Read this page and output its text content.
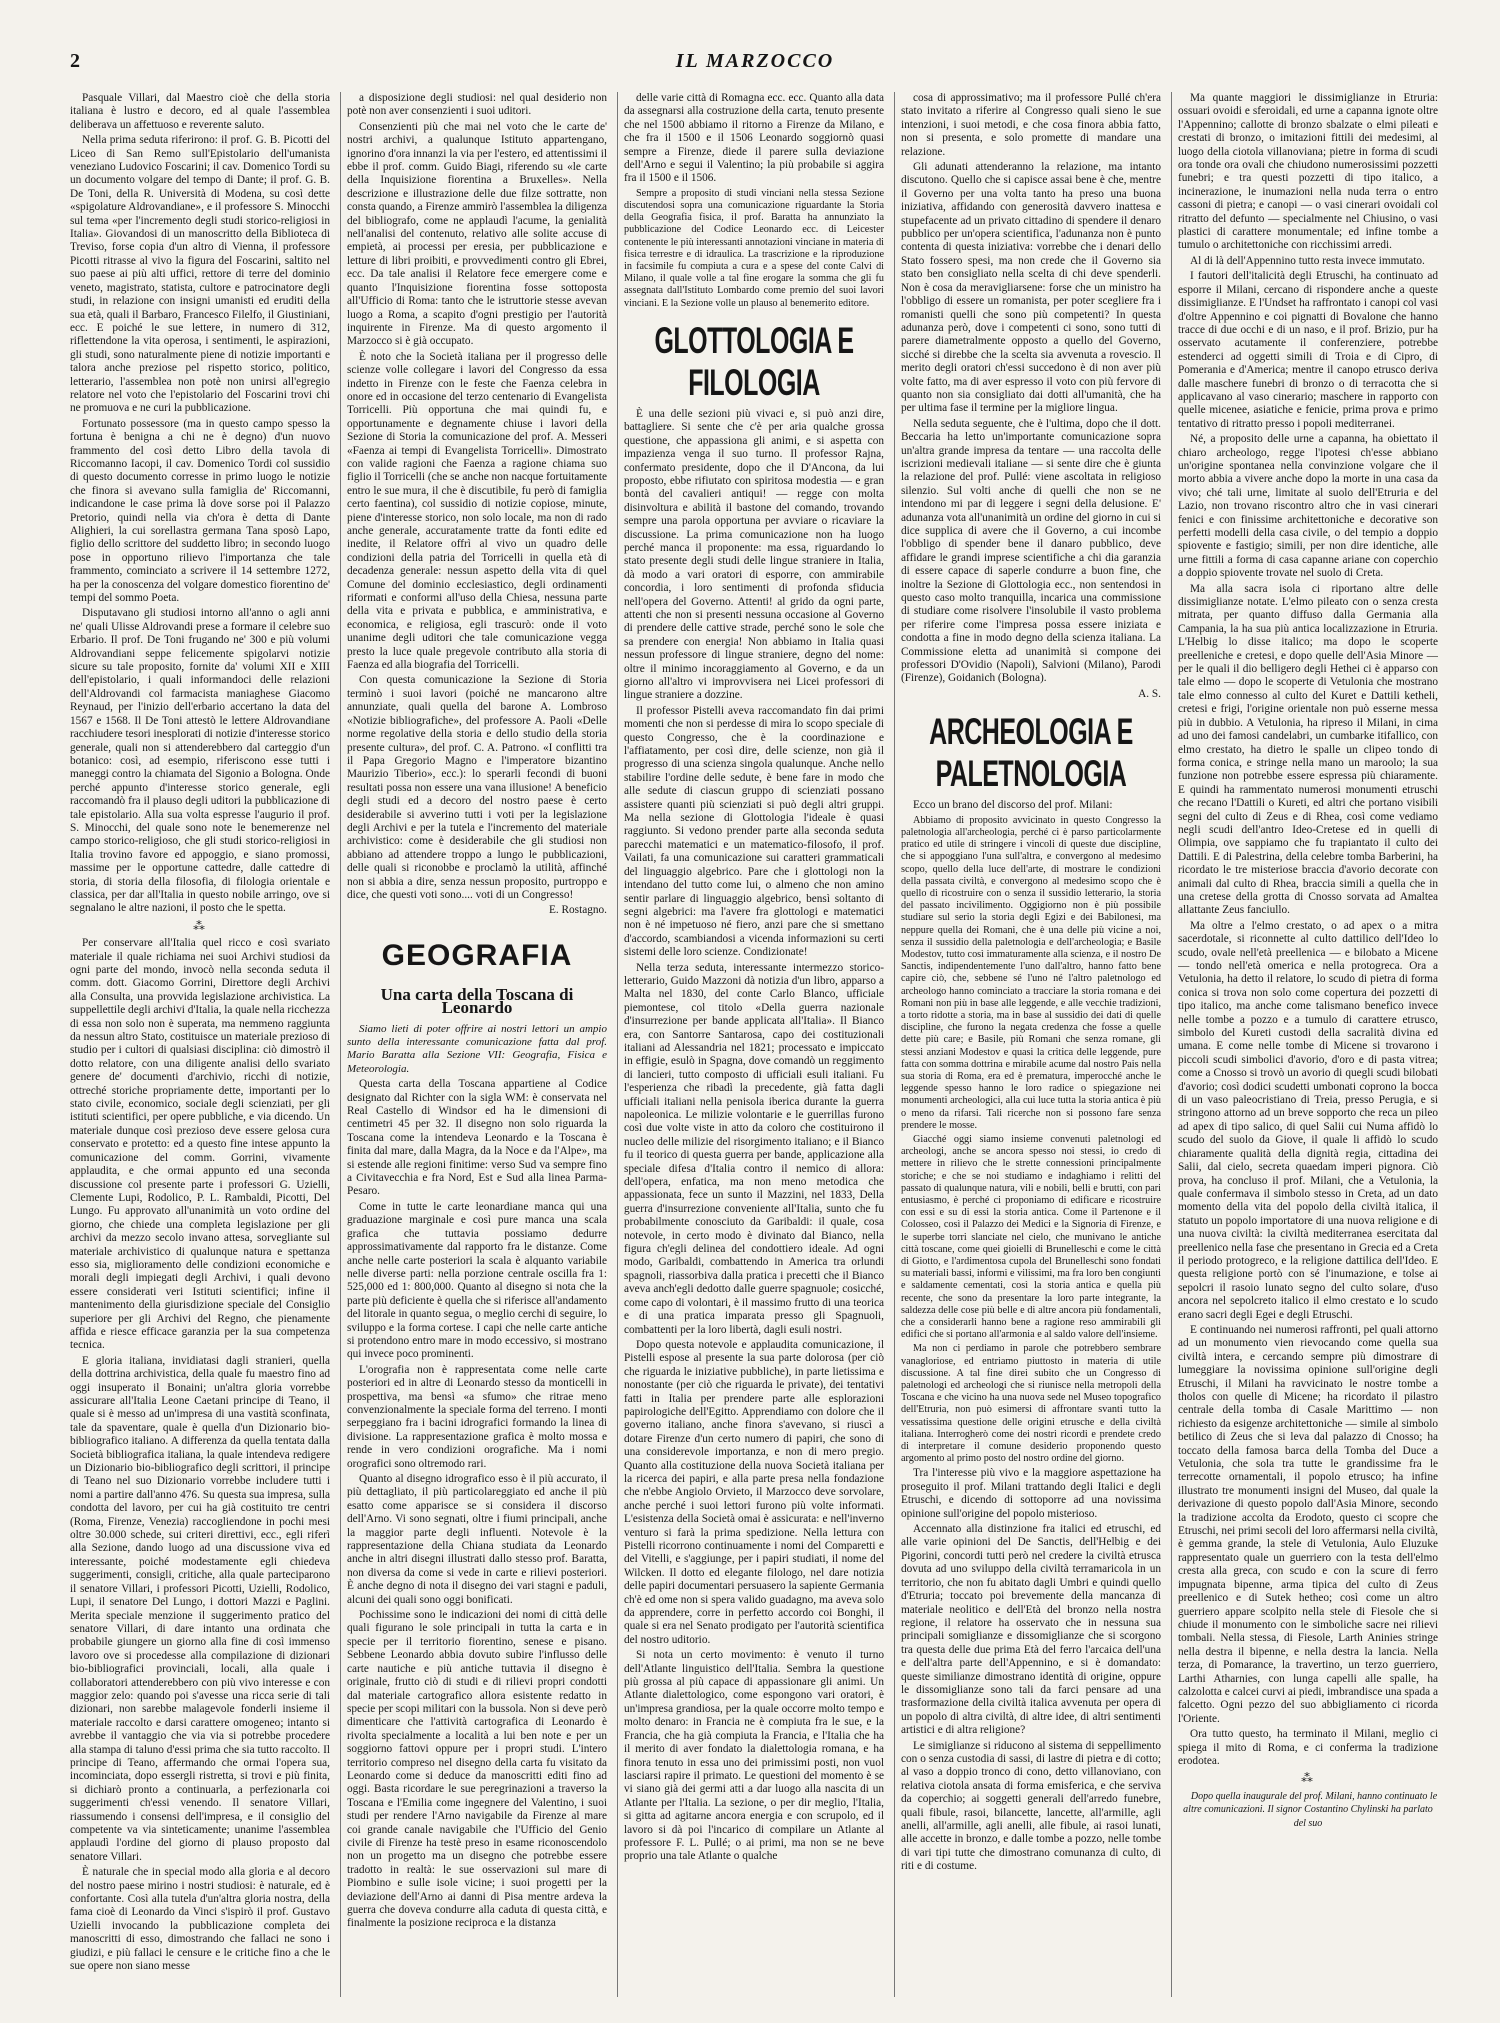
2	IL MARZOCCO

Pasquale Villari, dal Maestro cioè che della storia italiana è lustro e decoro, ed al quale l'assemblea deliberava un affettuoso e reverente saluto.

Nella prima seduta riferirono: il prof. G. B. Picotti del Liceo di San Remo sull'Epistolario dell'umanista veneziano Ludovico Foscarini; il cav. Domenico Tordi su un documento volgare del tempo di Dante; il prof. G. B. De Toni, della R. Università di Modena, su così dette «spigolature Aldrovandiane», e il professore S. Minocchi sul tema «per l'incremento degli studi storico-religiosi in Italia». Giovandosi di un manoscritto della Biblioteca di Treviso, forse copia d'un altro di Vienna, il professore Picotti ritrasse al vivo la figura del Foscarini, saltito nel suo paese ai più alti uffici, rettore di terre del dominio veneto, magistrato, statista, cultore e patrocinatore degli studi, in relazione con insigni umanisti ed eruditi della sua età, quali il Barbaro, Francesco Filelfo, il Giustiniani, ecc. E poiché le sue lettere, in numero di 312, riflettendone la vita operosa, i sentimenti, le aspirazioni, gli studi, sono naturalmente piene di notizie importanti e talora anche preziose pel rispetto storico, politico, letterario, l'assemblea non potè non unirsi all'egregio relatore nel voto che l'epistolario del Foscarini trovi chi ne promuova e ne curi la pubblicazione.

Fortunato possessore (ma in questo campo spesso la fortuna è benigna a chi ne è degno) d'un nuovo frammento del così detto Libro della tavola di Riccomanno Iacopi, il cav. Domenico Tordi col sussidio di questo documento corresse in primo luogo le notizie che finora si avevano sulla famiglia de' Riccomanni, indicandone le case prima là dove sorse poi il Palazzo Pretorio, quindi nella via ch'ora è detta di Dante Alighieri, la cui sorellastra germana Tana sposò Lapo, figlio dello scrittore del suddetto libro; in secondo luogo pose in opportuno rilievo l'importanza che tale frammento, cominciato a scrivere il 14 settembre 1272, ha per la conoscenza del volgare domestico fiorentino de' tempi del sommo Poeta.

Disputavano gli studiosi intorno all'anno o agli anni ne' quali Ulisse Aldrovandi prese a formare il celebre suo Erbario. Il prof. De Toni frugando ne' 300 e più volumi Aldrovandiani seppe felicemente spigolarvi notizie sicure su tale proposito, fornite da' volumi XII e XIII dell'epistolario, i quali informandoci delle relazioni dell'Aldrovandi col farmacista maniaghese Giacomo Reynaud, per l'inizio dell'erbario accertano la data del 1567 e 1568. Il De Toni attestò le lettere Aldrovandiane racchiudere tesori inesplorati di notizie d'interesse storico generale, quali non si attenderebbero dal carteggio d'un botanico: così, ad esempio, riferiscono esse tutti i maneggi contro la chiamata del Sigonio a Bologna. Onde perché appunto d'interesse storico generale, egli raccomandò fra il plauso degli uditori la pubblicazione di tale epistolario. Alla sua volta espresse l'augurio il prof. S. Minocchi, del quale sono note le benemerenze nel campo storico-religioso, che gli studi storico-religiosi in Italia trovino favore ed appoggio, e siano promossi, massime per le opportune cattedre, dalle cattedre di storia, di storia della filosofia, di filologia orientale e classica, per dar all'Italia in questo nobile arringo, ove si segnalano le altre nazioni, il posto che le spetta.

⁂

Per conservare all'Italia quel ricco e così svariato materiale il quale richiama nei suoi Archivi studiosi da ogni parte del mondo, invocò nella seconda seduta il comm. dott. Giacomo Gorrini, Direttore degli Archivi alla Consulta, una provvida legislazione archivistica. La suppellettile degli archivi d'Italia, la quale nella ricchezza di essa non solo non è superata, ma nemmeno raggiunta da nessun altro Stato, costituisce un materiale prezioso di studio per i cultori di qualsiasi disciplina: ciò dimostrò il dotto relatore, con una diligente analisi dello svariato genere de' documenti d'archivio, ricchi di notizie, ottreché storiche propriamente dette, importanti per lo stato civile, economico, sociale degli scienziati, per gli istituti scientifici, per opere pubbliche, e via dicendo. Un materiale dunque così prezioso deve essere gelosa cura conservato e protetto: ed a questo fine intese appunto la comunicazione del comm. Gorrini, vivamente applaudita, e che ormai appunto ed una seconda discussione col presente parte i professori G. Uzielli, Clemente Lupi, Rodolico, P. L. Rambaldi, Picotti, Del Lungo. Fu approvato all'unanimità un voto ordine del giorno, che chiede una completa legislazione per gli archivi da mezzo secolo invano attesa, sorvegliante sul materiale archivistico di qualunque natura e spettanza esso sia, miglioramento delle condizioni economiche e morali degli impiegati degli Archivi, i quali devono essere considerati veri Istituti scientifici; infine il mantenimento della giurisdizione speciale del Consiglio superiore per gli Archivi del Regno, che pienamente affida e riesce efficace garanzia per la sua competenza tecnica.

E gloria italiana, invidiatasi dagli stranieri, quella della dottrina archivistica, della quale fu maestro fino ad oggi insuperato il Bonaini; un'altra gloria vorrebbe assicurare all'Italia Leone Caetani principe di Teano, il quale si è messo ad un'impresa di una vastità sconfinata, tale da spaventare, quale è quella d'un Dizionario bio-bibliografico italiano. A differenza da quella tentata dalla Società bibliografica italiana, la quale intendeva redigere un Dizionario bio-bibliografico degli scrittori, il principe di Teano nel suo Dizionario vorrebbe includere tutti i nomi a partire dall'anno 476. Su questa sua impresa, sulla condotta del lavoro, per cui ha già costituito tre centri (Roma, Firenze, Venezia) raccogliendone in pochi mesi oltre 30.000 schede, sui criteri direttivi, ecc., egli riferì alla Sezione, dando luogo ad una discussione viva ed interessante, poiché modestamente egli chiedeva suggerimenti, consigli, critiche, alla quale parteciparono il senatore Villari, i professori Picotti, Uzielli, Rodolico, Lupi, il senatore Del Lungo, i dottori Mazzi e Paglini. Merita speciale menzione il suggerimento pratico del senatore Villari, di dare intanto una ordinata che probabile giungere un giorno alla fine di così immenso lavoro ove si procedesse alla compilazione di dizionari bio-bibliografici provinciali, locali, alla quale i collaboratori attenderebbero con più vivo interesse e con maggior zelo: quando poi s'avesse una ricca serie di tali dizionari, non sarebbe malagevole fonderli insieme il materiale raccolto e darsi carattere omogeneo; intanto si avrebbe il vantaggio che via via si potrebbe procedere alla stampa di taluno d'essi prima che sia tutto raccolto. Il principe di Teano, affermando che ormai l'opera sua, incominciata, dopo essergli ristretta, si trovi e più finita, si dichiarò pronto a continuarla, a perfezionarla coi suggerimenti ch'essi venendo. Il senatore Villari, riassumendo i consensi dell'impresa, e il consiglio del competente va via sinteticamente; unanime l'assemblea applaudì l'ordine del giorno di plauso proposto dal senatore Villari.

È naturale che in special modo alla gloria e al decoro del nostro paese mirino i nostri studiosi: è naturale, ed è confortante. Così alla tutela d'un'altra gloria nostra, della fama cioè di Leonardo da Vinci s'ispirò il prof. Gustavo Uzielli invocando la pubblicazione completa dei manoscritti di esso, dimostrando che fallaci ne sono i giudizi, e più fallaci le censure e le critiche fino a che le sue opere non siano messe

a disposizione degli studiosi: nel qual desiderio non potè non aver consenzienti i suoi uditori.

Consenzienti più che mai nel voto che le carte de' nostri archivi, a qualunque Istituto appartengano, ignorino d'ora innanzi la via per l'estero, ed attentissimi il ebbe il prof. comm. Guido Biagi, riferendo su «le carte della Inquisizione fiorentina a Bruxelles». Nella descrizione e illustrazione delle due filze sottratte, non consta quando, a Firenze ammirò l'assemblea la diligenza del bibliografo, come ne applaudì l'acume, la genialità nell'analisi del contenuto, relativo alle solite accuse di empietà, ai processi per eresia, per pubblicazione e letture di libri proibiti, e provvedimenti contro gli Ebrei, ecc. Da tale analisi il Relatore fece emergere come e quanto l'Inquisizione fiorentina fosse sottoposta all'Ufficio di Roma: tanto che le istruttorie stesse avevan luogo a Roma, a scapito d'ogni prestigio per l'autorità inquirente in Firenze. Ma di questo argomento il Marzocco si è già occupato.

È noto che la Società italiana per il progresso delle scienze volle collegare i lavori del Congresso da essa indetto in Firenze con le feste che Faenza celebra in onore ed in occasione del terzo centenario di Evangelista Torricelli. Più opportuna che mai quindi fu, e opportunamente e degnamente chiuse i lavori della Sezione di Storia la comunicazione del prof. A. Messeri «Faenza ai tempi di Evangelista Torricelli». Dimostrato con valide ragioni che Faenza a ragione chiama suo figlio il Torricelli (che se anche non nacque fortuitamente entro le sue mura, il che è discutibile, fu però di famiglia certo faentina), col sussidio di notizie copiose, minute, piene d'interesse storico, non solo locale, ma non di rado anche generale, accuratamente tratte da fonti edite ed inedite, il Relatore offrì al vivo un quadro delle condizioni della patria del Torricelli in quella età di decadenza generale: nessun aspetto della vita di quel Comune del dominio ecclesiastico, degli ordinamenti riformati e conformi all'uso della Chiesa, nessuna parte della vita e privata e pubblica, e amministrativa, e economica, e religiosa, egli trascurò: onde il voto unanime degli uditori che tale comunicazione vegga presto la luce quale pregevole contributo alla storia di Faenza ed alla biografia del Torricelli.

Con questa comunicazione la Sezione di Storia terminò i suoi lavori (poiché ne mancarono altre annunziate, quali quella del barone A. Lombroso «Notizie bibliografiche», del professore A. Paoli «Delle norme regolative della storia e dello studio della storia presente cultura», del prof. C. A. Patrono. «I conflitti tra il Papa Gregorio Magno e l'imperatore bizantino Maurizio Tiberio», ecc.): lo sperarli fecondi di buoni resultati possa non essere una vana illusione! A beneficio degli studi ed a decoro del nostro paese è certo desiderabile si avverino tutti i voti per la legislazione degli Archivi e per la tutela e l'incremento del materiale archivistico: come è desiderabile che gli studiosi non abbiano ad attendere troppo a lungo le pubblicazioni, delle quali si riconobbe e proclamò la utilità, affinché non si abbia a dire, senza nessun proposito, purtroppo e dice, che questi voti sono.... voti di un Congresso!

E. Rostagno.

GEOGRAFIA
Una carta della Toscana di Leonardo

Siamo lieti di poter offrire ai nostri lettori un ampio sunto della interessante comunicazione fatta dal prof. Mario Baratta alla Sezione VII: Geografia, Fisica e Meteorologia.

Questa carta della Toscana appartiene al Codice designato dal Richter con la sigla WM: è conservata nel Real Castello di Windsor ed ha le dimensioni di centimetri 45 per 32. Il disegno non solo riguarda la Toscana come la intendeva Leonardo e la Toscana è finita dal mare, dalla Magra, da la Noce e da l'Alpe», ma si estende alle regioni finitime: verso Sud va sempre fino a Civitavecchia e fra Nord, Est e Sud alla linea Parma-Pesaro.

Come in tutte le carte leonardiane manca qui una graduazione marginale e così pure manca una scala grafica che tuttavia possiamo dedurre approssimativamente dal rapporto fra le distanze. Come anche nelle carte posteriori la scala è alquanto variabile nelle diverse parti: nella porzione centrale oscilla fra 1: 525,000 ed 1: 800,000. Quanto al disegno si nota che la parte più deficiente è quella che si riferisce all'andamento del litorale in quanto segua, o meglio cerchi di seguire, lo sviluppo e la forma cortese. I capi che nelle carte antiche si protendono entro mare in modo eccessivo, si mostrano qui invece poco prominenti.

L'orografia non è rappresentata come nelle carte posteriori ed in altre di Leonardo stesso da monticelli in prospettiva, ma bensì «a sfumo» che ritrae meno convenzionalmente la speciale forma del terreno. I monti serpeggiano fra i bacini idrografici formando la linea di divisione. La rappresentazione grafica è molto mossa e rende in vero condizioni orografiche. Ma i nomi orografici sono oltremodo rari.

Quanto al disegno idrografico esso è il più accurato, il più dettagliato, il più particolareggiato ed anche il più esatto come apparisce se si considera il discorso dell'Arno. Vi sono segnati, oltre i fiumi principali, anche la maggior parte degli influenti. Notevole è la rappresentazione della Chiana studiata da Leonardo anche in altri disegni illustrati dallo stesso prof. Baratta, non diversa da come si vede in carte e rilievi posteriori. È anche degno di nota il disegno dei vari stagni e paduli, alcuni dei quali sono oggi bonificati.

Pochissime sono le indicazioni dei nomi di città delle quali figurano le sole principali in tutta la carta e in specie per il territorio fiorentino, senese e pisano. Sebbene Leonardo abbia dovuto subire l'influsso delle carte nautiche e più antiche tuttavia il disegno è originale, frutto ciò di studi e di rilievi propri condotti dal materiale cartografico allora esistente redatto in specie per scopi militari con la bussola. Non si deve però dimenticare che l'attività cartografica di Leonardo è rivolta specialmente a località a lui ben note e per un soggiorno fattovi oppure per i propri studi. L'intero territorio compreso nel disegno della carta fu visitato da Leonardo come si deduce da manoscritti editi fino ad oggi. Basta ricordare le sue peregrinazioni a traverso la Toscana e l'Emilia come ingegnere del Valentino, i suoi studi per rendere l'Arno navigabile da Firenze al mare coi grande canale navigabile che l'Ufficio del Genio civile di Firenze ha testè preso in esame riconoscendolo non un progetto ma un disegno che potrebbe essere tradotto in realtà: le sue osservazioni sul mare di Piombino e sulle isole vicine; i suoi progetti per la deviazione dell'Arno ai danni di Pisa mentre ardeva la guerra che doveva condurre alla caduta di questa città, e finalmente la posizione reciproca e la distanza

delle varie città di Romagna ecc. ecc. Quanto alla data da assegnarsi alla costruzione della carta, tenuto presente che nel 1500 abbiamo il ritorno a Firenze da Milano, e che fra il 1500 e il 1506 Leonardo soggiornò quasi sempre a Firenze, diede il parere sulla deviazione dell'Arno e segui il Valentino; la più probabile si aggira fra il 1500 e il 1506.

Sempre a proposito di studi vinciani nella stessa Sezione discutendosi sopra una comunicazione riguardante la Storia della Geografia fisica, il prof. Baratta ha annunziato la pubblicazione del Codice Leonardo ecc. di Leicester contenente le più interessanti annotazioni vinciane in materia di fisica terrestre e di idraulica. La trascrizione e la riproduzione in facsimile fu compiuta a cura e a spese del conte Calvi di Milano, il quale volle a tal fine erogare la somma che gli fu assegnata dall'Istituto Lombardo come premio del suoi lavori vinciani. E la Sezione volle un plauso al benemerito editore.

GLOTTOLOGIA E FILOLOGIA

È una delle sezioni più vivaci e, si può anzi dire, battagliere. Si sente che c'è per aria qualche grossa questione, che appassiona gli animi, e si aspetta con impazienza venga il suo turno. Il professor Rajna, confermato presidente, dopo che il D'Ancona, da lui proposto, ebbe rifiutato con spiritosa modestia — e gran bontà del cavalieri antiqui! — regge con molta disinvoltura e abilità il bastone del comando, trovando sempre una parola opportuna per avviare o ricaviare la discussione. La prima comunicazione non ha luogo perché manca il proponente: ma essa, riguardando lo stato presente degli studi delle lingue straniere in Italia, dà modo a vari oratori di esporre, con ammirabile concordia, i loro sentimenti di profonda sfiducia nell'opera del Governo. Attenti! al grido da ogni parte, attenti che non si presenti nessuna occasione al Governo di prendere delle cattive strade, perché sono le sole che sa prendere con energia! Non abbiamo in Italia quasi nessun professore di lingue straniere, degno del nome: oltre il minimo incoraggiamento al Governo, e da un giorno all'altro vi improvvisera nei Licei professori di lingue straniere a dozzine.

Il professor Pistelli aveva raccomandato fin dai primi momenti che non si perdesse di mira lo scopo speciale di questo Congresso, che è la coordinazione e l'affiatamento, per così dire, delle scienze, non già il progresso di una scienza singola qualunque. Anche nello stabilire l'ordine delle sedute, è bene fare in modo che alle sedute di ciascun gruppo di scienziati possano assistere quanti più scienziati si può degli altri gruppi. Ma nella sezione di Glottologia l'ideale è quasi raggiunto. Si vedono prender parte alla seconda seduta parecchi matematici e un matematico-filosofo, il prof. Vailati, fa una comunicazione sui caratteri grammaticali del linguaggio algebrico. Pare che i glottologi non la intendano del tutto come lui, o almeno che non amino sentir parlare di linguaggio algebrico, bensì soltanto di segni algebrici: ma l'avere fra glottologi e matematici non è né impetuoso né fiero, anzi pare che si smettano d'accordo, scambiandosi a vicenda informazioni su certi sistemi delle loro scienze. Condizionate!

Nella terza seduta, interessante intermezzo storico-letterario, Guido Mazzoni dà notizia d'un libro, apparso a Malta nel 1830, del conte Carlo Blanco, ufficiale piemontese, col titolo «Della guerra nazionale d'insurrezione per bande applicata all'Italia». Il Bianco era, con Santorre Santarosa, capo dei costituzionali italiani ad Alessandria nel 1821; processato e impiccato in effigie, esulò in Spagna, dove comandò un reggimento di lancieri, tutto composto di ufficiali esuli italiani. Fu l'esperienza che ribadì la precedente, già fatta dagli ufficiali italiani nella penisola iberica durante la guerra napoleonica. Le milizie volontarie e le guerrillas furono così due volte viste in atto da coloro che costituirono il nucleo delle milizie del risorgimento italiano; e il Bianco fu il teorico di questa guerra per bande, applicazione alla speciale difesa d'Italia contro il nemico di allora: dell'opera, enfatica, ma non meno metodica che appassionata, fece un sunto il Mazzini, nel 1833, Della guerra d'insurrezione conveniente all'Italia, sunto che fu probabilmente conosciuto da Garibaldi: il quale, cosa notevole, in certo modo è divinato dal Bianco, nella figura ch'egli delinea del condottiero ideale. Ad ogni modo, Garibaldi, combattendo in America tra orlundi spagnoli, riassorbiva dalla pratica i precetti che il Bianco aveva anch'egli dedotto dalle guerre spagnuole; cosicché, come capo di volontari, è il massimo frutto di una teorica e di una pratica imparata presso gli Spagnuoli, combattenti per la loro libertà, dagli esuli nostri.

Dopo questa notevole e applaudita comunicazione, il Pistelli espose al presente la sua parte dolorosa (per ciò che riguarda le iniziative pubbliche), in parte lietissima e nonostante (per ciò che riguarda le private), dei tentativi fatti in Italia per prendere parte alle esplorazioni papirologiche dell'Egitto. Apprendiamo con dolore che il governo italiano, anche finora s'avevano, si riuscì a dotare Firenze d'un certo numero di papiri, che sono di una considerevole importanza, e non di mero pregio. Quanto alla costituzione della nuova Società italiana per la ricerca dei papiri, e alla parte presa nella fondazione che n'ebbe Angiolo Orvieto, il Marzocco deve sorvolare, anche perché i suoi lettori furono più volte informati. L'esistenza della Società omai è assicurata: e nell'inverno venturo si farà la prima spedizione. Nella lettura con Pistelli ricorrono continuamente i nomi del Comparetti e del Vitelli, e s'aggiunge, per i papiri studiati, il nome del Wilcken. Il dotto ed elegante filologo, nel dare notizia delle papiri documentari persuasero la sapiente Germania ch'è ed ome non si spera valido guadagno, ma aveva solo da apprendere, corre in perfetto accordo coi Bonghi, il quale si era nel Senato prodigato per l'autorità scientifica del nostro uditorio.

Si nota un certo movimento: è venuto il turno dell'Atlante linguistico dell'Italia. Sembra la questione più grossa al più capace di appassionare gli animi. Un Atlante dialettologico, come espongono vari oratori, è un'impresa grandiosa, per la quale occorre molto tempo e molto denaro: in Francia ne è compiuta fra le sue, e la Francia, che ha già compiuta la Francia, e l'Italia che ha il merito di aver fondato la dialettologia romana, e ha finora tenuto in essa uno dei primissimi posti, non vuol lasciarsi rapire il primato. Le questioni del momento è se vi siano già dei germi atti a dar luogo alla nascita di un Atlante per l'Italia. La sezione, o per dir meglio, l'Italia, si gitta ad agitarne ancora energia e con scrupolo, ed il lavoro si dà poi l'incarico di compilare un Atlante al professore F. L. Pullé; o ai primi, ma non se ne beve proprio una tale Atlante o qualche

cosa di approssimativo; ma il professore Pullé ch'era stato invitato a riferire al Congresso quali sieno le sue intenzioni, i suoi metodi, e che cosa finora abbia fatto, non si presenta, e solo promette di mandare una relazione.

Gli adunati attenderanno la relazione, ma intanto discutono. Quello che si capisce assai bene è che, mentre il Governo per una volta tanto ha preso una buona iniziativa, affidando con generosità davvero inattesa e stupefacente ad un privato cittadino di spendere il denaro pubblico per un'opera scientifica, l'adunanza non è punto contenta di questa iniziativa: vorrebbe che i denari dello Stato fossero spesi, ma non crede che il Governo sia stato ben consigliato nella scelta di chi deve spenderli. Non è cosa da meravigliarsene: forse che un ministro ha l'obbligo di essere un romanista, per poter scegliere fra i romanisti quelli che sono più competenti? In questa adunanza però, dove i competenti ci sono, sono tutti di parere diametralmente opposto a quello del Governo, sicché si direbbe che la scelta sia avvenuta a rovescio. Il merito degli oratori ch'essi succedono è di non aver più volte fatto, ma di aver espresso il voto con più fervore di quanto non sia consigliato dai dotti all'umanità, che ha per ultima fase il termine per la migliore lingua.

Nella seduta seguente, che è l'ultima, dopo che il dott. Beccaria ha letto un'importante comunicazione sopra un'altra grande impresa da tentare — una raccolta delle iscrizioni medievali italiane — si sente dire che è giunta la relazione del prof. Pullé: viene ascoltata in religioso silenzio. Sul volti anche di quelli che non se ne intendono mi par di leggere i segni della delusione. E' adunanza vota all'unanimità un ordine del giorno in cui si dice supplica di avere che il Governo, a cui incombe l'obbligo di spender bene il danaro pubblico, deve affidare le grandi imprese scientifiche a chi dia garanzia di essere capace di saperle condurre a buon fine, che inoltre la Sezione di Glottologia ecc., non sentendosi in questo caso molto tranquilla, incarica una commissione di studiare come risolvere l'insolubile il vasto problema per riferire come l'impresa possa essere iniziata e condotta a fine in modo degno della scienza italiana. La Commissione eletta ad unanimità si compone dei professori D'Ovidio (Napoli), Salvioni (Milano), Parodi (Firenze), Goidanich (Bologna).

A. S.

ARCHEOLOGIA E PALETNOLOGIA

Ecco un brano del discorso del prof. Milani:

Abbiamo di proposito avvicinato in questo Congresso la paletnologia all'archeologia, perché ci è parso particolarmente pratico ed utile di stringere i vincoli di queste due discipline, che si appoggiano l'una sull'altra, e convergono al medesimo scopo, quello della luce dell'arte, di mostrare le condizioni della passata civiltà, e convergono al medesimo scopo che è quello di ricostruire con o senza il sussidio letterario, la storia del passato incivilimento. Oggigiorno non è più possibile studiare sul serio la storia degli Egizi e dei Babilonesi, ma neppure quella dei Romani, che è una delle più vicine a noi, senza il sussidio della paletnologia e dell'archeologia; e Basile Modestov, tutto così immaturamente alla scienza, e il nostro De Sanctis, indipendentemente l'uno dall'altro, hanno fatto bene capire ciò, che, sebbene sé l'uno né l'altro paletnologo ed archeologo hanno cominciato a tracciare la storia romana e dei Romani non più in base alle leggende, e alle vecchie tradizioni, a torto ridotte a storia, ma in base al sussidio dei dati di quelle discipline, che furono la negata credenza che fosse a quelle dette più care; e Basile, più Romani che senza romane, gli stessi anziani Modestov e quasi la critica delle leggende, pure fatta con somma dottrina e mirabile acume dal nostro Pais nella sua storia di Roma, era ed è prematura, imperocché anche le leggende spesso hanno le loro radice o spiegazione nei monumenti archeologici, alla cui luce tutta la storia antica è più o meno da rifarsi. Tali ricerche non si possono fare senza prendere le mosse.

Giacché oggi siamo insieme convenuti paletnologi ed archeologi, anche se ancora spesso noi stessi, io credo di mettere in rilievo che le strette connessioni principalmente storiche; e che se noi studiamo e indaghiamo i relitti del passato di qualunque natura, vili e nobili, belli e brutti, con pari entusiasmo, è perché ci proponiamo di edificare e ricostruire con essi e su di essi la storia antica. Come il Partenone e il Colosseo, così il Palazzo dei Medici e la Signoria di Firenze, e le superbe torri slanciate nel cielo, che munivano le antiche città toscane, come quei gioielli di Brunelleschi e come le città di Giotto, e l'ardimentosa cupola del Brunelleschi sono fondati su materiali bassi, informi e vilissimi, ma fra loro ben congiunti e saldamente cementati, così la storia antica e quella più recente, che sono da presentare la loro parte integrante, la saldezza delle cose più belle e di altre ancora più fondamentali, che a considerarli hanno bene a ragione reso ammirabili gli edifici che si portano all'armonia e al saldo valore dell'insieme.

Ma non ci perdiamo in parole che potrebbero sembrare vanagloriose, ed entriamo piuttosto in materia di utile discussione. A tal fine direi subito che un Congresso di paletnologi ed archeologi che si riunisce nella metropoli della Toscana e che vicino ha una nuova sede nel Museo topografico dell'Etruria, non può esimersi di affrontare svanti tutto la vessatissima questione delle origini etrusche e della civiltà italiana. Interrogherò come dei nostri ricordi e prendete credo di interpretare il comune desiderio proponendo questo argomento al primo posto del nostro ordine del giorno.

Tra l'interesse più vivo e la maggiore aspettazione ha proseguito il prof. Milani trattando degli Italici e degli Etruschi, e dicendo di sottoporre ad una novissima opinione sull'origine del popolo misterioso.

Accennato alla distinzione fra italici ed etruschi, ed alle varie opinioni del De Sanctis, dell'Helbig e dei Pigorini, concordi tutti però nel credere la civiltà etrusca dovuta ad uno sviluppo della civiltà terramaricola in un territorio, che non fu abitato dagli Umbri e quindi quello d'Etruria; toccato poi brevemente della mancanza di materiale neolitico e dell'Età del bronzo nella nostra regione, il relatore ha osservato che in nessuna sua principali somiglianze e dissomiglianze che si scorgono tra questa delle due prima Età del ferro l'arcaica dell'una e dell'altra parte dell'Appennino, e si è domandato: queste similianze dimostrano identità di origine, oppure le dissomiglianze sono tali da farci pensare ad una trasformazione della civiltà italica avvenuta per opera di un popolo di altra civiltà, di altre idee, di altri sentimenti artistici e di altra religione?

Le simiglianze si riducono al sistema di seppellimento con o senza custodia di sassi, di lastre di pietra e di cotto; al vaso a doppio tronco di cono, detto villanoviano, con relativa ciotola ansata di forma emisferica, e che serviva da coperchio; ai soggetti generali dell'arredo funebre, quali fibule, rasoi, bilancette, lancette, all'armille, agli anelli, all'armille, agli anelli, alle fibule, ai rasoi lunati, alle accette in bronzo, e dalle tombe a pozzo, nelle tombe di vari tipi tutte che dimostrano comunanza di culto, di riti e di costume.

Ma quante maggiori le dissimiglianze in Etruria: ossuari ovoidi e sferoidali, ed urne a capanna ignote oltre l'Appennino; callotte di bronzo sbalzate o elmi pileati e crestati di bronzo, o imitazioni fittili dei medesimi, al luogo della ciotola villanoviana; pietre in forma di scudi ora tonde ora ovali che chiudono numerosissimi pozzetti funebri; e tra questi pozzetti di tipo italico, a incinerazione, le inumazioni nella nuda terra o entro cassoni di pietra; e canopi — o vasi cinerari ovoidali col ritratto del defunto — specialmente nel Chiusino, o vasi plastici di carattere monumentale; ed infine tombe a tumulo o architettoniche con ricchissimi arredi.

Al di là dell'Appennino tutto resta invece immutato.

I fautori dell'italicità degli Etruschi, ha continuato ad esporre il Milani, cercano di rispondere anche a queste dissimiglianze. E l'Undset ha raffrontato i canopi col vasi d'oltre Appennino e coi pignatti di Bovalone che hanno tracce di due occhi e di un naso, e il prof. Brizio, pur ha osservato acutamente il conferenziere, potrebbe estenderci ad oggetti simili di Troia e di Cipro, di Pomerania e d'America; mentre il canopo etrusco deriva dalle maschere funebri di bronzo o di terracotta che si applicavano al vaso cinerario; maschere in rapporto con quelle micenee, asiatiche e fenicie, prima prova e primo tentativo di ritratto presso i popoli mediterranei.

Né, a proposito delle urne a capanna, ha obiettato il chiaro archeologo, regge l'ipotesi ch'esse abbiano un'origine spontanea nella convinzione volgare che il morto abbia a vivere anche dopo la morte in una casa da vivo; ché tali urne, limitate al suolo dell'Etruria e del Lazio, non trovano riscontro altro che in vasi cinerari fenici e con finissime architettoniche e decorative son perfetti modelli della casa civile, o del tempio a doppio spiovente e fastigio; simili, per non dire identiche, alle urne fittili a forma di casa capanne ariane con coperchio a doppio spiovente trovate nel suolo di Creta.

Ma alla sacra isola ci riportano altre delle dissimiglianze notate. L'elmo pileato con o senza cresta mitrata, per quanto diffuso dalla Germania alla Campania, la ha sua più antica localizzazione in Etruria. L'Helbig lo disse italico; ma dopo le scoperte preelleniche e cretesi, e dopo quelle dell'Asia Minore — per le quali il dio belligero degli Hethei ci è apparso con tale elmo — dopo le scoperte di Vetulonia che mostrano tale elmo connesso al culto del Kuret e Dattili ketheli, cretesi e frigi, l'origine orientale non può esserne messa più in dubbio. A Vetulonia, ha ripreso il Milani, in cima ad uno dei famosi candelabri, un cumbarke itifallico, con elmo crestato, ha dietro le spalle un clipeo tondo di forma conica, e stringe nella mano un maroolo; la sua funzione non potrebbe essere espressa più chiaramente. E quindi ha rammentato numerosi monumenti etruschi che recano l'Dattili o Kureti, ed altri che portano visibili segni del culto di Zeus e di Rhea, così come vediamo negli scudi dell'antro Ideo-Cretese ed in quelli di Olimpia, ove sappiamo che fu trapiantato il culto dei Dattili. E di Palestrina, della celebre tomba Barberini, ha ricordato le tre misteriose braccia d'avorio decorate con animali dal culto di Rhea, braccia simili a quella che in una cretese della grotta di Cnosso sorvata ad Amaltea allattante Zeus fanciullo.

Ma oltre a l'elmo crestato, o ad apex o a mitra sacerdotale, si riconnette al culto dattilico dell'Ideo lo scudo, ovale nell'età preellenica — e bilobato a Micene — tondo nell'età omerica e nella protogreca. Ora a Vetulonia, ha detto il relatore, lo scudo di pietra di forma conica si trova non solo come copertura dei pozzetti di tipo italico, ma anche come talismano benefico invece nelle tombe a pozzo e a tumulo di carattere etrusco, simbolo del Kureti custodi della sacralità divina ed umana. E come nelle tombe di Micene si trovarono i piccoli scudi simbolici d'avorio, d'oro e di pasta vitrea; come a Cnosso si trovò un avorio di quegli scudi bilobati d'avorio; così dodici scudetti umbonati coprono la bocca di un vaso paleocristiano di Treia, presso Perugia, e si stringono attorno ad un breve sopporto che reca un pileo ad apex di tipo salico, di quel Salii cui Numa affidò lo scudo del suolo da Giove, il quale li affidò lo scudo chiaramente qualità della dignità regia, cittadina dei Salii, dal cielo, secreta quaedam imperi pignora. Ciò prova, ha concluso il prof. Milani, che a Vetulonia, la quale confermava il simbolo stesso in Creta, ad un dato momento della vita del popolo della civiltà italica, il statuto un popolo importatore di una nuova religione e di una nuova civiltà: la civiltà mediterranea esercitata dal preellenico nella fase che presentano in Grecia ed a Creta il periodo protogreco, e la religione dattilica dell'Ideo. E questa religione portò con sé l'inumazione, e tolse ai sepolcri il rasoio lunato segno del culto solare, d'uso ancora nel sepolcreto italico il elmo crestato e lo scudo erano sacri degli Egei e degli Etruschi.

E continuando nei numerosi raffronti, pel quali attorno ad un monumento vien rievocando come quella sua civiltà intera, e cercando sempre più dimostrare di lumeggiare la novissima opinione sull'origine degli Etruschi, il Milani ha ravvicinato le nostre tombe a tholos con quelle di Micene; ha ricordato il pilastro centrale della tomba di Casale Marittimo — non richiesto da esigenze architettoniche — simile al simbolo betilico di Zeus che si leva dal palazzo di Cnosso; ha toccato della famosa barca della Tomba del Duce a Vetulonia, che sola tra tutte le grandissime fra le terrecotte ornamentali, il popolo etrusco; ha infine illustrato tre monumenti insigni del Museo, dal quale la derivazione di questo popolo dall'Asia Minore, secondo la tradizione accolta da Erodoto, questo ci scopre che Etruschi, nei primi secoli del loro affermarsi nella civiltà, è gemma grande, la stele di Vetulonia, Aulo Eluzuke rappresentato quale un guerriero con la testa dell'elmo cresta alla greca, con scudo e con la scure di ferro impugnata bipenne, arma tipica del culto di Zeus preellenico e di Sutek hetheo; così come un altro guerriero appare scolpito nella stele di Fiesole che si chiude il monumento con le simboliche sacre nei rilievi tombali. Nella stessa, di Fiesole, Larth Aninies stringe nella destra il bipenne, e nella destra la lancia. Nella terza, di Pomarance, la travertino, un terzo guerriero, Larthi Atharnies, con lunga capelli alle spalle, ha calzolotta e calcei curvi ai piedi, imbrandisce una spada a falcetto. Ogni pezzo del suo abbigliamento ci ricorda l'Oriente.

Ora tutto questo, ha terminato il Milani, meglio ci spiega il mito di Roma, e ci conferma la tradizione erodotea.

⁂

Dopo quella inaugurale del prof. Milani, hanno continuato le altre comunicazioni. Il signor Costantino Chylinski ha parlato del suo
